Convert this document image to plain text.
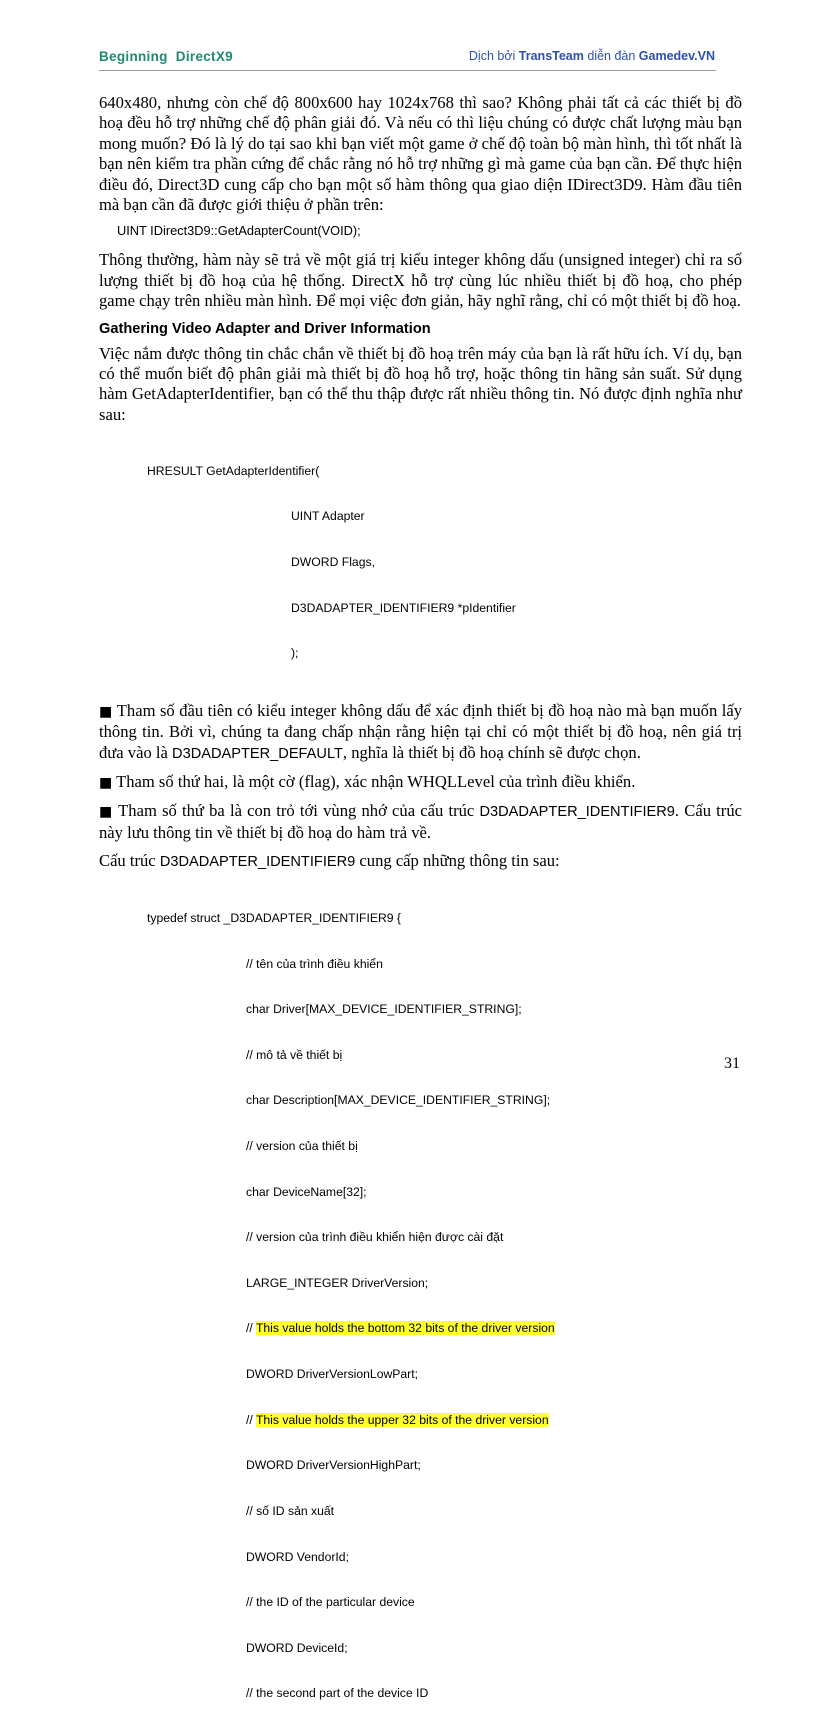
Beginning  DirectX9	Dịch bởi TransTeam diễn đàn Gamedev.VN

640x480, nhưng còn chế độ 800x600 hay 1024x768 thì sao? Không phải tất cả các thiết bị đồ hoạ đều hỗ trợ những chế độ phân giải đó. Và nếu có thì liệu chúng có được chất lượng màu bạn mong muốn? Đó là lý do tại sao khi bạn viết một game ở chế độ toàn bộ màn hình, thì tốt nhất là bạn nên kiểm tra phần cứng để chắc rằng nó hỗ trợ những gì mà game của bạn cần. Để thực hiện điều đó, Direct3D cung cấp cho bạn một số hàm thông qua giao diện IDirect3D9. Hàm đầu tiên mà bạn cần đã được giới thiệu ở phần trên:

UINT IDirect3D9::GetAdapterCount(VOID);

Thông thường, hàm này sẽ trả về một giá trị kiểu integer không dấu (unsigned integer) chỉ ra số lượng thiết bị đồ hoạ của hệ thống. DirectX hỗ trợ cùng lúc nhiều thiết bị đồ hoạ, cho phép game chạy trên nhiều màn hình. Để mọi việc đơn giản, hãy nghĩ rằng, chỉ có một thiết bị đồ hoạ.

Gathering Video Adapter and Driver Information

Việc nắm được thông tin chắc chắn về thiết bị đồ hoạ trên máy của bạn là rất hữu ích. Ví dụ, bạn có thể muốn biết độ phân giải mà thiết bị đồ hoạ hỗ trợ, hoặc thông tin hãng sản suất. Sử dụng hàm GetAdapterIdentifier, bạn có thể thu thập được rất nhiều thông tin. Nó được định nghĩa như sau:

HRESULT GetAdapterIdentifier(

UINT Adapter

DWORD Flags,

D3DADAPTER_IDENTIFIER9 *pIdentifier

);

■ Tham số đầu tiên có kiểu integer không dấu để xác định thiết bị đồ hoạ nào mà bạn muốn lấy thông tin. Bởi vì, chúng ta đang chấp nhận rằng hiện tại chỉ có một thiết bị đồ hoạ, nên giá trị đưa vào là D3DADAPTER_DEFAULT, nghĩa là thiết bị đồ hoạ chính sẽ được chọn.

■ Tham số thứ hai, là một cờ (flag), xác nhận WHQLLevel của trình điều khiển.

■ Tham số thứ ba là con trỏ tới vùng nhớ của cấu trúc D3DADAPTER_IDENTIFIER9. Cấu trúc này lưu thông tin về thiết bị đồ hoạ do hàm trả về.

Cấu trúc D3DADAPTER_IDENTIFIER9 cung cấp những thông tin sau:

typedef struct _D3DADAPTER_IDENTIFIER9 {

// tên của trình điều khiển

char Driver[MAX_DEVICE_IDENTIFIER_STRING];

// mô tả về thiết bị

char Description[MAX_DEVICE_IDENTIFIER_STRING];

// version của thiết bị

char DeviceName[32];

// version của trình điều khiển hiện được cài đặt

LARGE_INTEGER DriverVersion;

// This value holds the bottom 32 bits of the driver version

DWORD DriverVersionLowPart;

// This value holds the upper 32 bits of the driver version

DWORD DriverVersionHighPart;

// số ID sản xuất

DWORD VendorId;

// the ID of the particular device

DWORD DeviceId;

// the second part of the device ID

31
